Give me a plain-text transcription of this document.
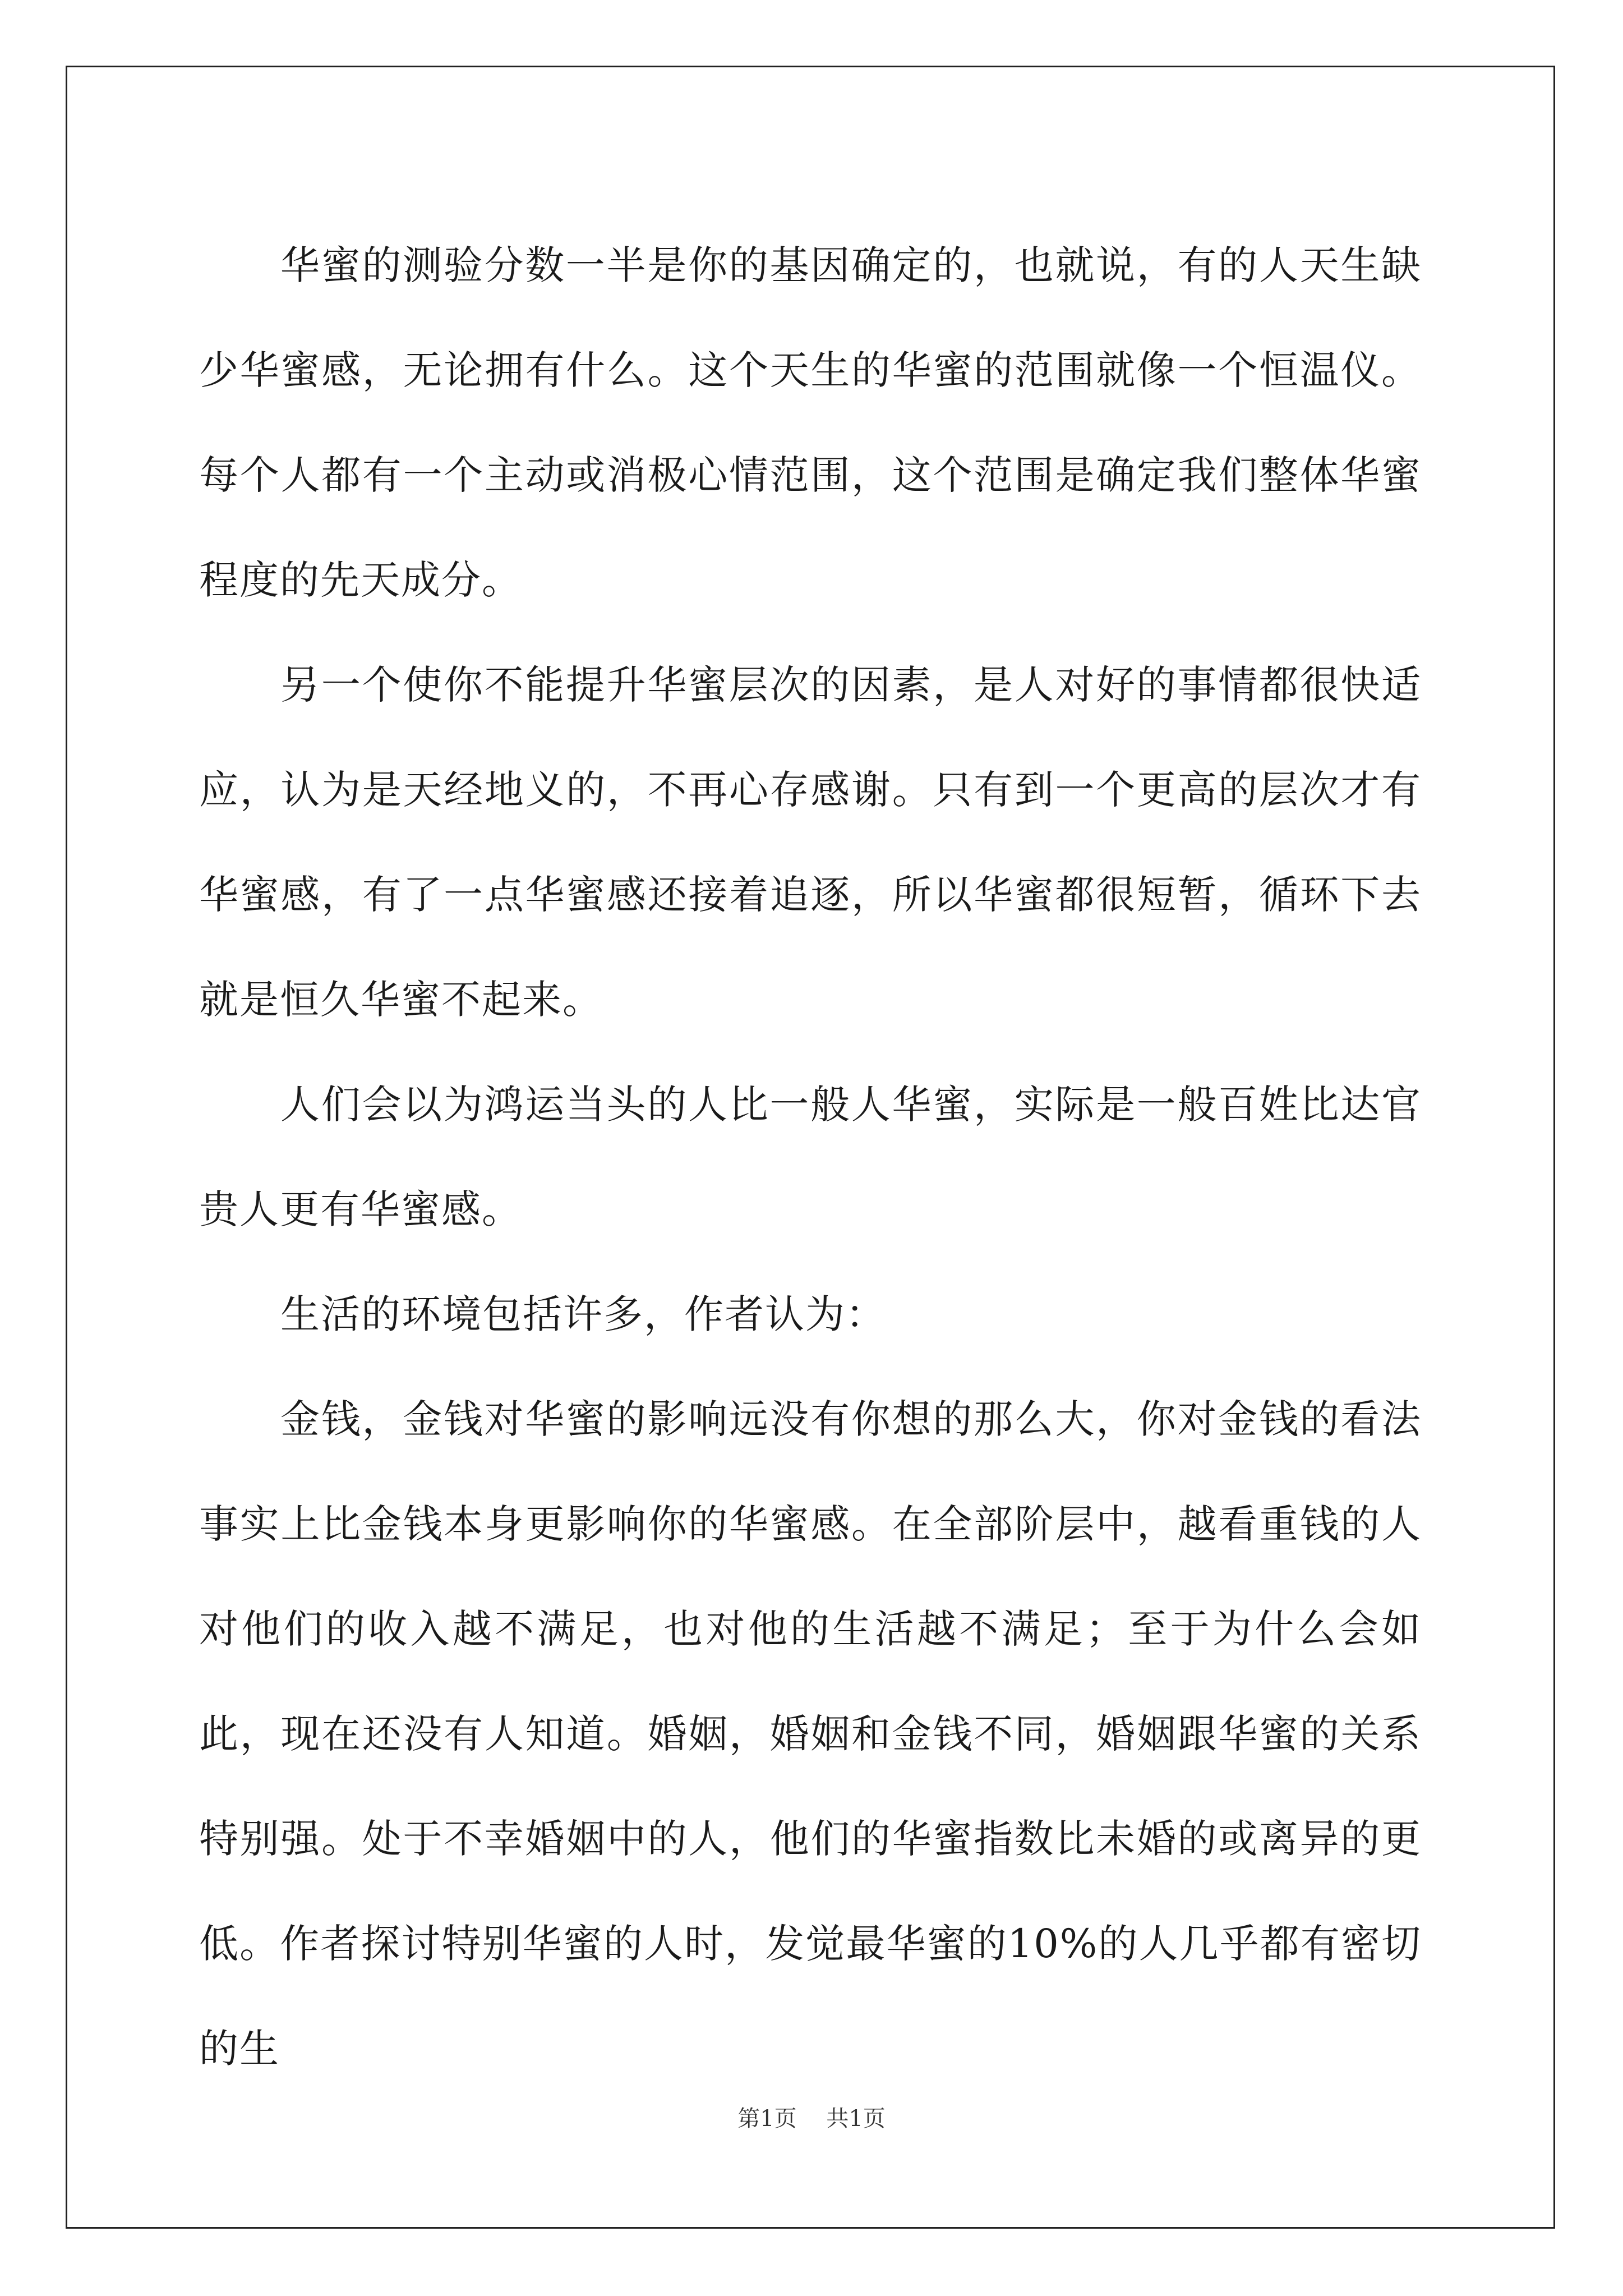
华蜜的测验分数一半是你的基因确定的，也就说，有的人天生缺少华蜜感，无论拥有什么。这个天生的华蜜的范围就像一个恒温仪。每个人都有一个主动或消极心情范围，这个范围是确定我们整体华蜜程度的先天成分。

另一个使你不能提升华蜜层次的因素，是人对好的事情都很快适应，认为是天经地义的，不再心存感谢。只有到一个更高的层次才有华蜜感，有了一点华蜜感还接着追逐，所以华蜜都很短暂，循环下去就是恒久华蜜不起来。

人们会以为鸿运当头的人比一般人华蜜，实际是一般百姓比达官贵人更有华蜜感。

生活的环境包括许多，作者认为：

金钱，金钱对华蜜的影响远没有你想的那么大，你对金钱的看法事实上比金钱本身更影响你的华蜜感。在全部阶层中，越看重钱的人对他们的收入越不满足，也对他的生活越不满足；至于为什么会如此，现在还没有人知道。婚姻，婚姻和金钱不同，婚姻跟华蜜的关系特别强。处于不幸婚姻中的人，他们的华蜜指数比未婚的或离异的更低。作者探讨特别华蜜的人时，发觉最华蜜的10%的人几乎都有密切的生

第1页 共1页
